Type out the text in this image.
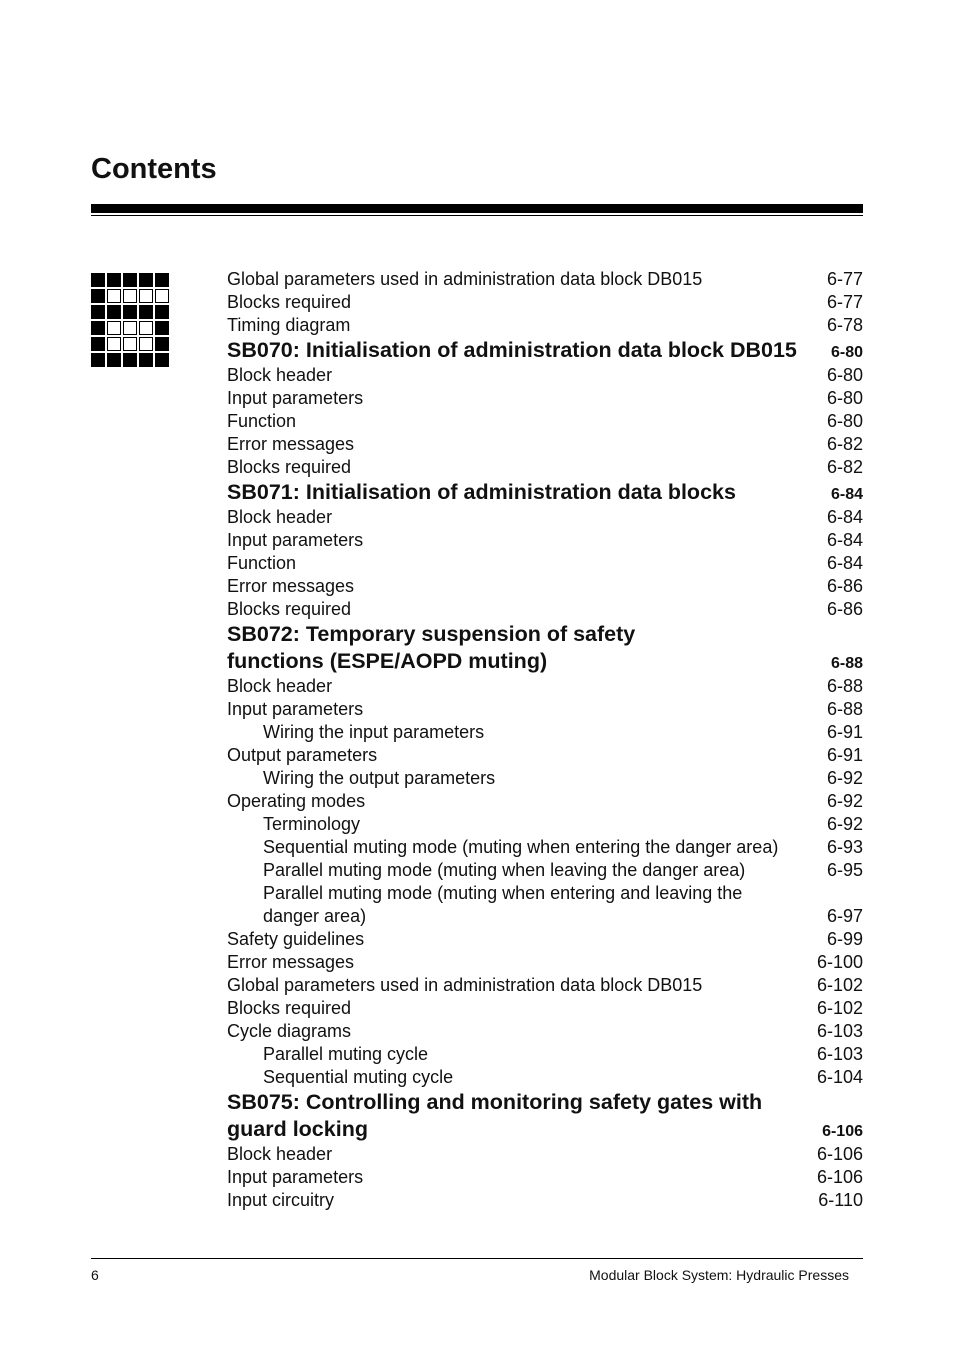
Contents
Global parameters used in administration data block DB015	6-77
Blocks required	6-77
Timing diagram	6-78
SB070: Initialisation of administration data block DB015 6-80
Block header	6-80
Input parameters	6-80
Function	6-80
Error messages	6-82
Blocks required	6-82
SB071: Initialisation of administration data blocks	6-84
Block header	6-84
Input parameters	6-84
Function	6-84
Error messages	6-86
Blocks required	6-86
SB072: Temporary suspension of safety
functions (ESPE/AOPD muting)	6-88
Block header	6-88
Input parameters	6-88
Wiring the input parameters	6-91
Output parameters	6-91
Wiring the output parameters	6-92
Operating modes	6-92
Terminology	6-92
Sequential muting mode (muting when entering the danger area)	6-93
Parallel muting mode (muting when leaving the danger area)	6-95
Parallel muting mode (muting when entering and leaving the
danger area)	6-97
Safety guidelines	6-99
Error messages	6-100
Global parameters used in administration data block DB015	6-102
Blocks required	6-102
Cycle diagrams	6-103
Parallel muting cycle	6-103
Sequential muting cycle	6-104
SB075: Controlling and monitoring safety gates with
guard locking	6-106
Block header	6-106
Input parameters	6-106
Input circuitry	6-110
6	Modular Block System: Hydraulic Presses
